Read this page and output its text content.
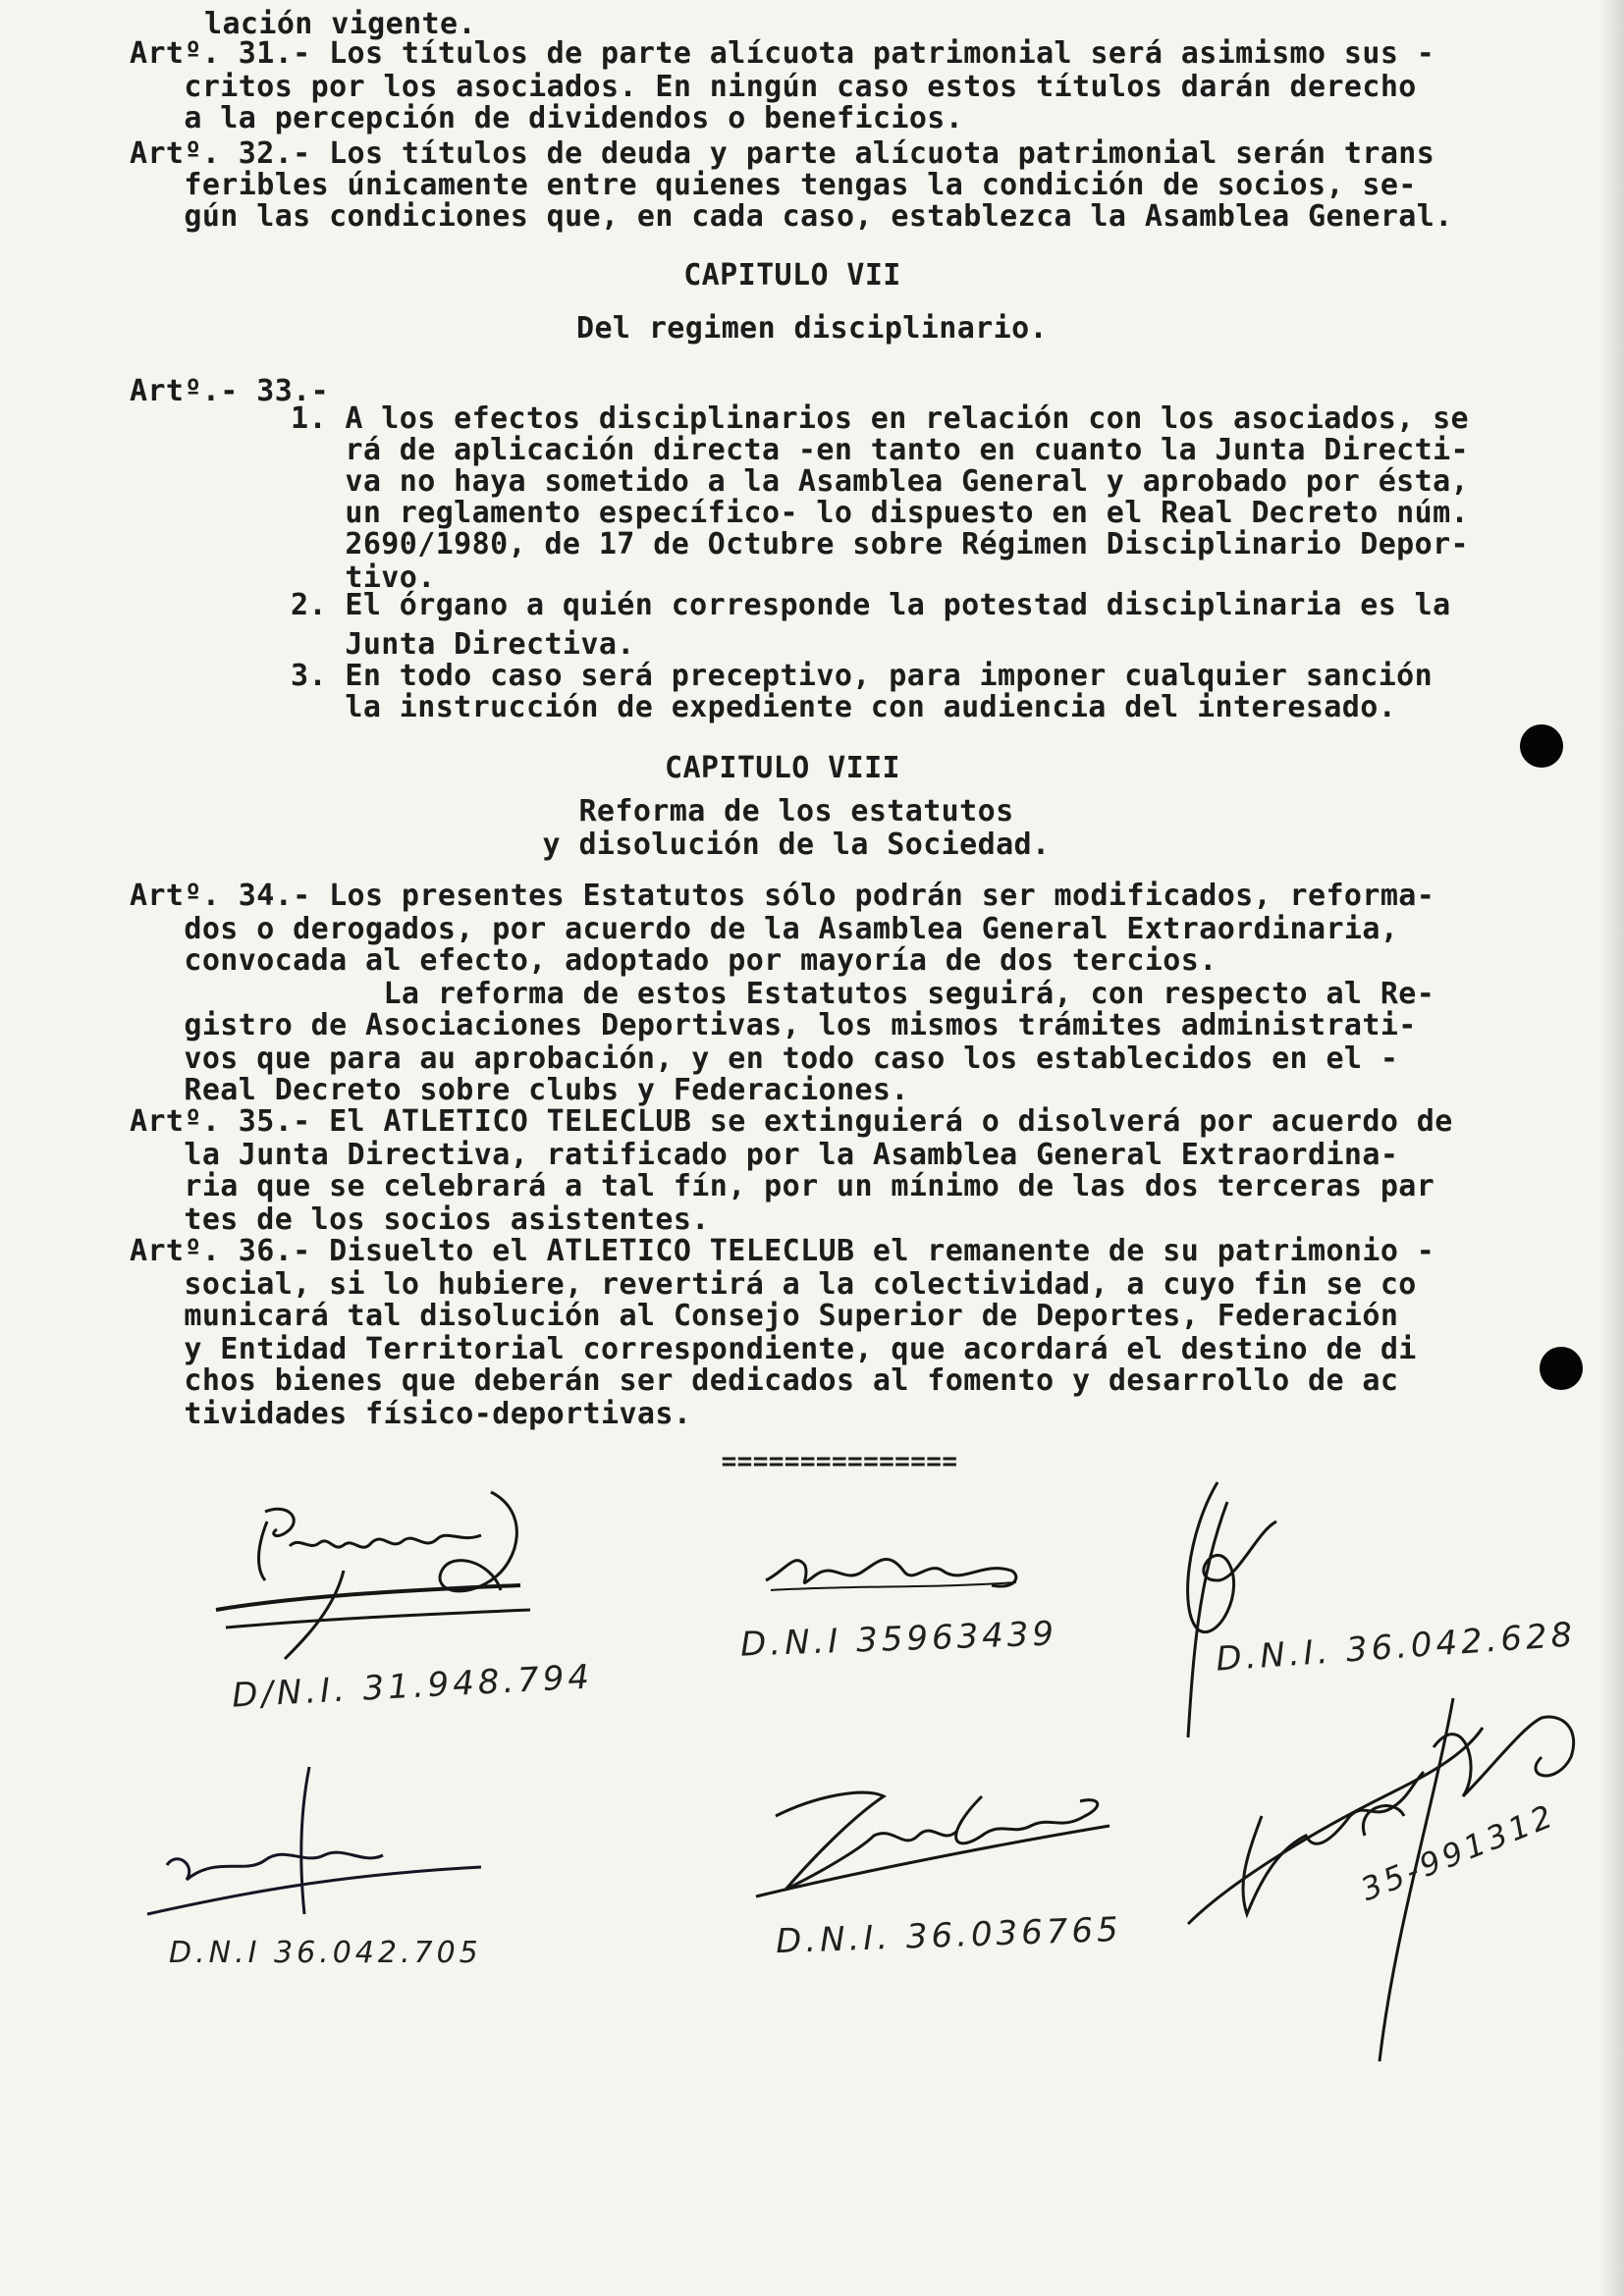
lación vigente.
Artº. 31.- Los títulos de parte alícuota patrimonial será asimismo sus -
critos por los asociados. En ningún caso estos títulos darán derecho
a la percepción de dividendos o beneficios.
Artº. 32.- Los títulos de deuda y parte alícuota patrimonial serán trans
feribles únicamente entre quienes tengas la condición de socios, se-
gún las condiciones que, en cada caso, establezca la Asamblea General.
CAPITULO VII
Del regimen disciplinario.
Artº.- 33.-
1. A los efectos disciplinarios en relación con los asociados, se
rá de aplicación directa -en tanto en cuanto la Junta Directi-
va no haya sometido a la Asamblea General y aprobado por ésta,
un reglamento específico- lo dispuesto en el Real Decreto núm.
2690/1980, de 17 de Octubre sobre Régimen Disciplinario Depor-
tivo.
2. El órgano a quién corresponde la potestad disciplinaria es la
Junta Directiva.
3. En todo caso será preceptivo, para imponer cualquier sanción
la instrucción de expediente con audiencia del interesado.
CAPITULO VIII
Reforma de los estatutos
y disolución de la Sociedad.
Artº. 34.- Los presentes Estatutos sólo podrán ser modificados, reforma-
dos o derogados, por acuerdo de la Asamblea General Extraordinaria,
convocada al efecto, adoptado por mayoría de dos tercios.
La reforma de estos Estatutos seguirá, con respecto al Re-
gistro de Asociaciones Deportivas, los mismos trámites administrati-
vos que para au aprobación, y en todo caso los establecidos en el -
Real Decreto sobre clubs y Federaciones.
Artº. 35.- El ATLETICO TELECLUB se extinguierá o disolverá por acuerdo de
la Junta Directiva, ratificado por la Asamblea General Extraordina-
ria que se celebrará a tal fín, por un mínimo de las dos terceras par
tes de los socios asistentes.
Artº. 36.- Disuelto el ATLETICO TELECLUB el remanente de su patrimonio -
social, si lo hubiere, revertirá a la colectividad, a cuyo fin se co
municará tal disolución al Consejo Superior de Deportes, Federación
y Entidad Territorial correspondiente, que acordará el destino de di
chos bienes que deberán ser dedicados al fomento y desarrollo de ac
tividades físico-deportivas.
===============
D/N.I. 31.948.794
D.N.I 35963439	D.N.I. 36.042.628
D.N.I 36.042.705	D.N.I. 36.036765
35-991312
